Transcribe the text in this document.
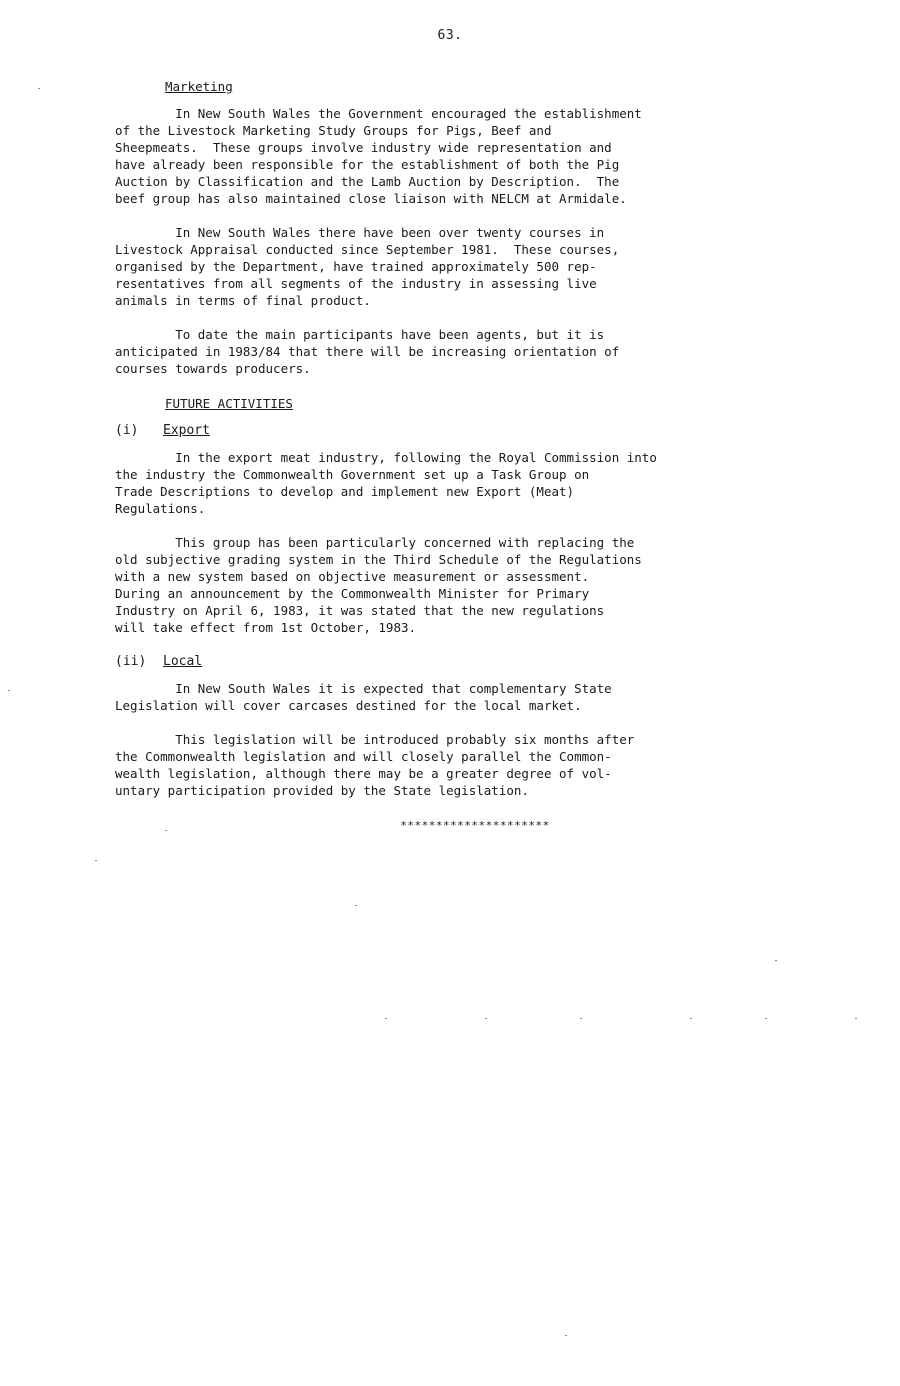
63.
Marketing

In New South Wales the Government encouraged the establishment
of the Livestock Marketing Study Groups for Pigs, Beef and
Sheepmeats.  These groups involve industry wide representation and
have already been responsible for the establishment of both the Pig
Auction by Classification and the Lamb Auction by Description.  The
beef group has also maintained close liaison with NELCM at Armidale.

In New South Wales there have been over twenty courses in
Livestock Appraisal conducted since September 1981.  These courses,
organised by the Department, have trained approximately 500 rep-
resentatives from all segments of the industry in assessing live
animals in terms of final product.

To date the main participants have been agents, but it is
anticipated in 1983/84 that there will be increasing orientation of
courses towards producers.

FUTURE ACTIVITIES
(i) Export

In the export meat industry, following the Royal Commission into
the industry the Commonwealth Government set up a Task Group on
Trade Descriptions to develop and implement new Export (Meat)
Regulations.

This group has been particularly concerned with replacing the
old subjective grading system in the Third Schedule of the Regulations
with a new system based on objective measurement or assessment.
During an announcement by the Commonwealth Minister for Primary
Industry on April 6, 1983, it was stated that the new regulations
will take effect from 1st October, 1983.

(ii) Local

In New South Wales it is expected that complementary State
Legislation will cover carcases destined for the local market.

This legislation will be introduced probably six months after
the Commonwealth legislation and will closely parallel the Common-
wealth legislation, although there may be a greater degree of vol-
untary participation provided by the State legislation.

*********************
